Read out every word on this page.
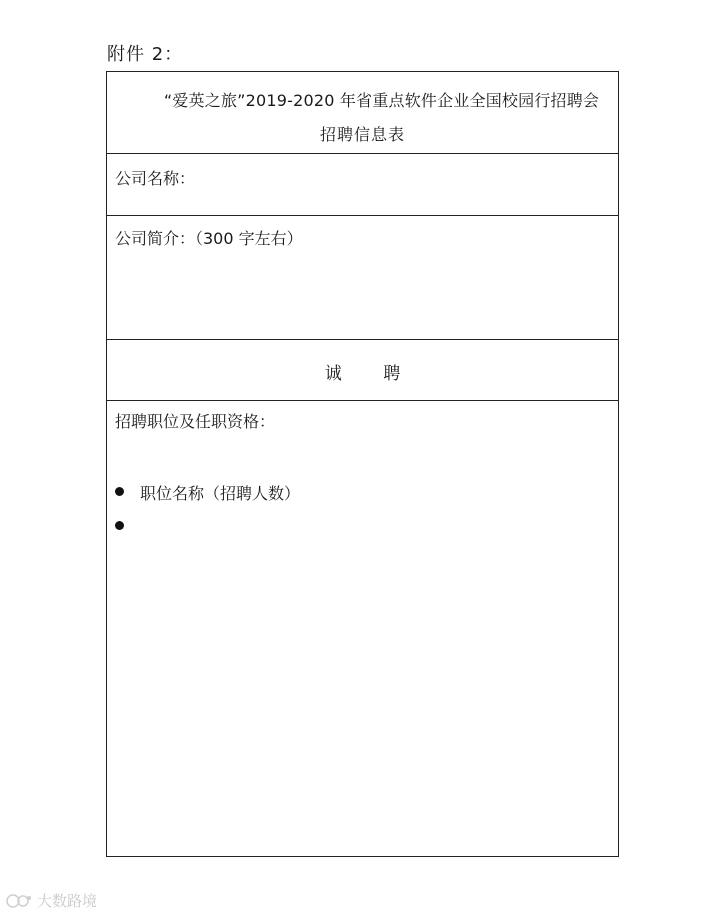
附件 2：
“爱英之旅”2019-2020 年省重点软件企业全国校园行招聘会
招聘信息表
公司名称：
公司简介：（300 字左右）
诚 聘
招聘职位及任职资格：
职位名称（招聘人数）
大数路境
